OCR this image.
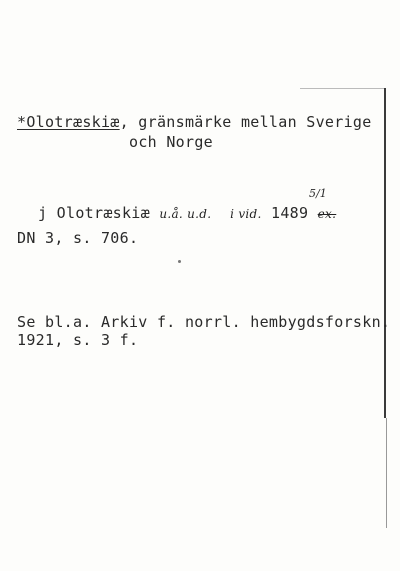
*Olotræskiæ, gränsmärke mellan Sverige
och Norge
5/1
j Olotræskiæ u.å. u.d. i vid. 1489 ex.
DN 3, s. 706.
Se bl.a. Arkiv f. norrl. hembygdsforskn.
1921, s. 3 f.
